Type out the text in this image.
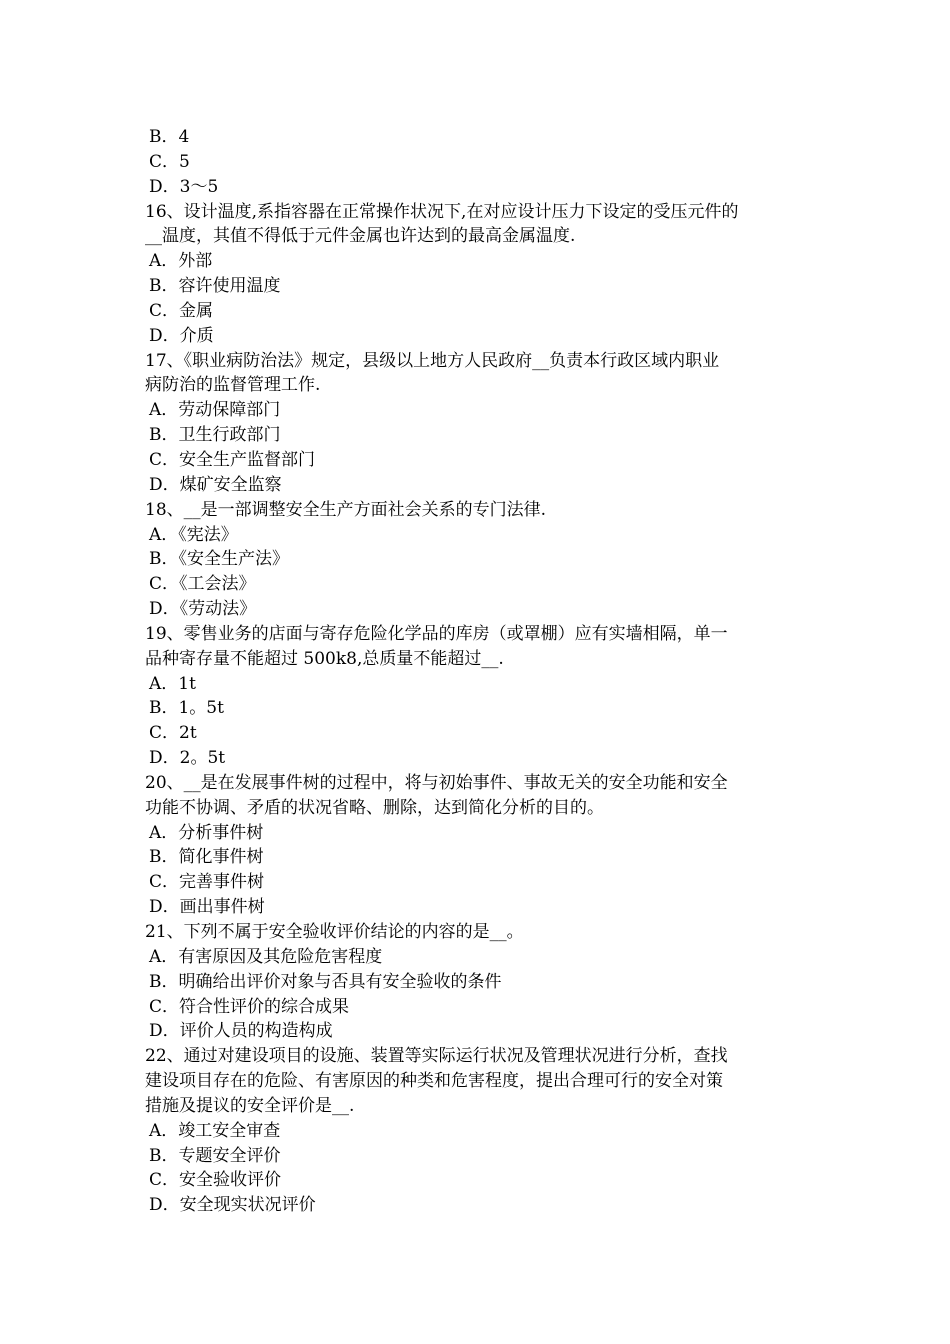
B．4
C．5
D．3～5
16、设计温度,系指容器在正常操作状况下,在对应设计压力下设定的受压元件的
__温度，其值不得低于元件金属也许达到的最高金属温度.
A．外部
B．容许使用温度
C．金属
D．介质
17、《职业病防治法》规定，县级以上地方人民政府__负责本行政区域内职业
病防治的监督管理工作.
A．劳动保障部门
B．卫生行政部门
C．安全生产监督部门
D．煤矿安全监察
18、__是一部调整安全生产方面社会关系的专门法律.
A．《宪法》
B．《安全生产法》
C．《工会法》
D．《劳动法》
19、零售业务的店面与寄存危险化学品的库房（或罩棚）应有实墙相隔，单一
品种寄存量不能超过 500k8,总质量不能超过__.
A．1t
B．1。5t
C．2t
D．2。5t
20、__是在发展事件树的过程中，将与初始事件、事故无关的安全功能和安全
功能不协调、矛盾的状况省略、删除，达到简化分析的目的。
A．分析事件树
B．简化事件树
C．完善事件树
D．画出事件树
21、下列不属于安全验收评价结论的内容的是__。
A．有害原因及其危险危害程度
B．明确给出评价对象与否具有安全验收的条件
C．符合性评价的综合成果
D．评价人员的构造构成
22、通过对建设项目的设施、装置等实际运行状况及管理状况进行分析，查找
建设项目存在的危险、有害原因的种类和危害程度，提出合理可行的安全对策
措施及提议的安全评价是__.
A．竣工安全审查
B．专题安全评价
C．安全验收评价
D．安全现实状况评价
